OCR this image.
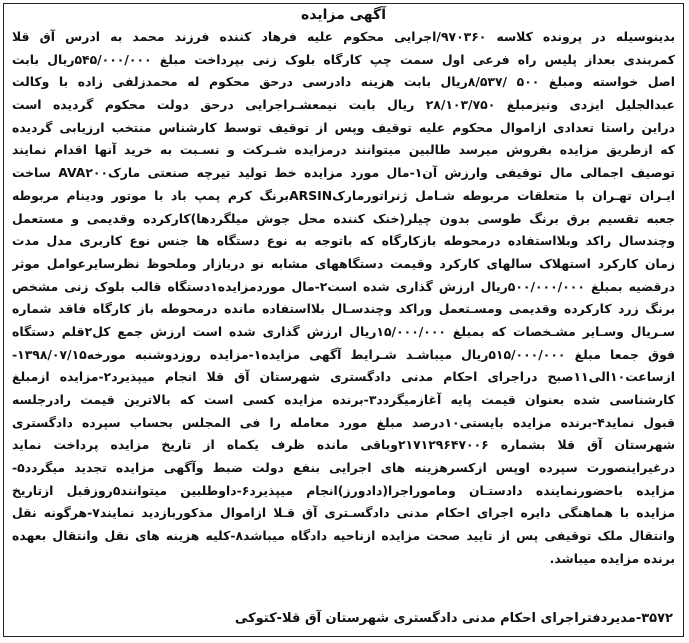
آگهی مزایده
بدینوسیله در پرونده کلاسه ۹۷۰۳۶۰/اجرایی محکوم علیه فرهاد کننده فرزند محمد به ادرس آق قلا
کمربندی بعداز پلیس راه فرعی اول سمت چپ کارگاه بلوک زنی بپرداخت مبلغ ۵۴۵/۰۰۰/۰۰۰ریال بابت
اصل خواسته ومبلغ ۵۰۰ /۸/۵۳۷ریال بابت هزینه دادرسی درحق محکوم له محمدزلفی زاده با وکالت
عبدالجلیل ایزدی ونیزمبلغ ۲۸/۱۰۳/۷۵۰ ریال بابت نیمعشـراجرایی درحق دولت محکوم گردیده است
دراین راستا تعدادی ازاموال محکوم علیه توقیف وپس از توقیف توسط کارشناس منتخب ارزیابی گردیده
که ازطریق مزایده بفروش میرسد طالبین میتوانند درمزایده شـرکت و نسـبت به خرید آنها اقدام نمایند
توصیف اجمالی مال توقیفی وارزش آن۱-مال مورد مزایده خط تولید تیرچه صنعتی مارکAVA۲۰۰ ساخت
ایـران تهـران با متعلقات مربوطه شـامل ژنراتورمارکARSINبرنگ کرم پمپ باد با موتور ودینام مربوطه
جعبه تقسیم برق برنگ طوسی بدون چیلر(خنک کننده محل جوش میلگردها)کارکرده وقدیمی و مستعمل
وچندسال راکد وبلااستفاده درمحوطه بازکارگاه که باتوجه به نوع دستگاه ها جنس نوع کاربری مدل مدت
زمان کارکرد استهلاک سالهای کارکرد وقیمت دستگاههای مشابه نو دربازار وملحوظ نظرسایرعوامل موثر
درقضیه بمبلغ ۵۰۰/۰۰۰/۰۰۰ریال ارزش گذاری شده است۲-مال موردمزایده۱دستگاه قالب بلوک زنی مشخص
برنگ زرد کارکرده وقدیمی ومسـتعمل وراکد وچندسـال بلااستفاده مانده درمحوطه باز کارگاه فاقد شماره
سـریال وسـایر مشـخصات که بمبلغ ۱۵/۰۰۰/۰۰۰ریال ارزش گذاری شده است ارزش جمع کل۲قلم دستگاه
فوق جمعا مبلغ ۵۱۵/۰۰۰/۰۰۰ریال میباشـد شـرایط آگهی مزایده۱-مزایده روزدوشنبه مورخه۱۳۹۸/۰۷/۱۵-
ازساعت۱۰الی۱۱صبح دراجرای احکام مدنی دادگستری شهرستان آق قلا انجام میپذیرد۲-مزایده ازمبلغ
کارشناسی شده بعنوان قیمت پایه آغازمیگردد۳-برنده مزایده کسی است که بالاترین قیمت رادرجلسه
قبول نماید۴-برنده مزایده بایستی۱۰درصد مبلغ مورد معامله را فی المجلس بحساب سپرده دادگستری
شهرستان آق قلا بشماره ۲۱۷۱۲۹۶۴۷۰۰۶وباقی مانده ظرف یکماه از تاریخ مزایده پرداخت نماید
درغیراینصورت سپرده اوپس ازکسرهزینه های اجرایی بنفع دولت ضبط وآگهی مزایده تجدید میگردد۵-
مزایده باحضورنماینده دادستـان وماموراجرا(دادورز)انجام میپذیرد۶-داوطلبین میتوانند۵روزقبل ازتاریخ
مزایده با هماهنگی دایره اجرای احکام مدنی دادگسـتری آق قـلا ازاموال مذکوربازدید نمایند۷-هرگونه نقل
وانتقال ملک توقیفی پس از تایید صحت مزایده ازناحیه دادگاه میباشد۸-کلیه هزینه های نقل وانتقال بعهده
برنده مزایده میباشد.
۳۵۷۲-مدیردفتراجرای احکام مدنی دادگستری شهرستان آق قلا-کتوکی
